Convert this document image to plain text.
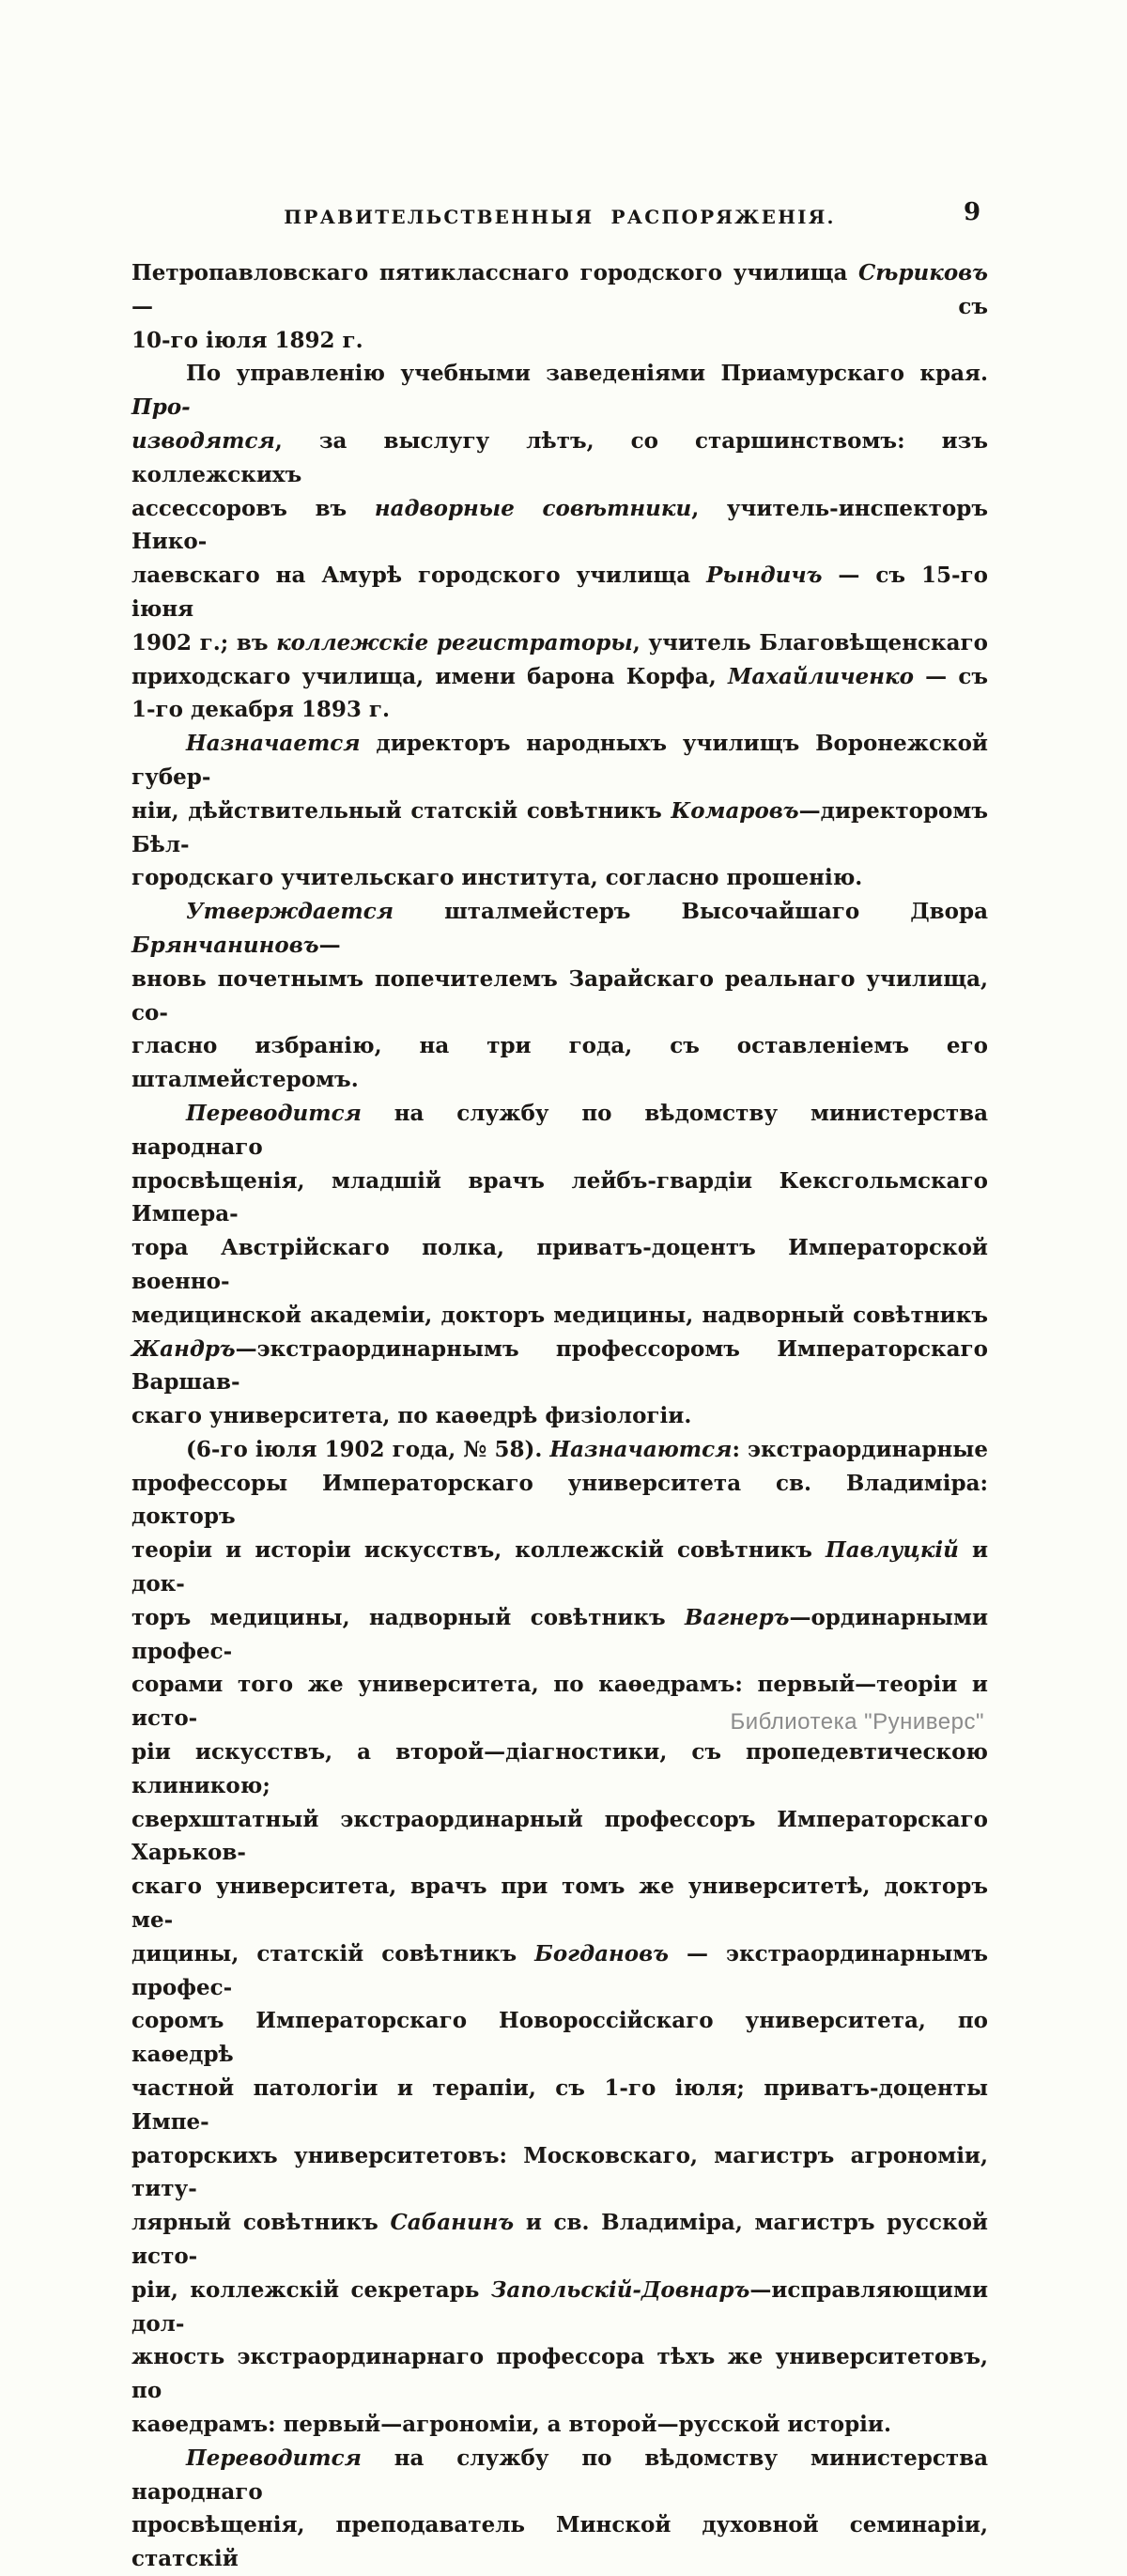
ПРАВИТЕЛЬСТВЕННЫЯ РАСПОРЯЖЕНІЯ.	9
Петропавловскаго пятикласснаго городского училища Сѣриковъ — съ
10-го іюля 1892 г.
По управленію учебными заведеніями Приамурскаго края. Про-
изводятся, за выслугу лѣтъ, со старшинствомъ: изъ коллежскихъ
ассессоровъ въ надворные совѣтники, учитель-инспекторъ Нико-
лаевскаго на Амурѣ городского училища Рындичъ — съ 15-го іюня
1902 г.; въ коллежскіе регистраторы, учитель Благовѣщенскаго
приходскаго училища, имени барона Корфа, Махайличенко — съ
1-го декабря 1893 г.
Назначается директоръ народныхъ училищъ Воронежской губер-
ніи, дѣйствительный статскій совѣтникъ Комаровъ—директоромъ Бѣл-
городскаго учительскаго института, согласно прошенію.
Утверждается шталмейстеръ Высочайшаго Двора Брянчаниновъ—
вновь почетнымъ попечителемъ Зарайскаго реальнаго училища, со-
гласно избранію, на три года, съ оставленіемъ его шталмейстеромъ.
Переводится на службу по вѣдомству министерства народнаго
просвѣщенія, младшій врачъ лейбъ-гвардіи Кексгольмскаго Импера-
тора Австрійскаго полка, приватъ-доцентъ Императорской военно-
медицинской академіи, докторъ медицины, надворный совѣтникъ
Жандръ—экстраординарнымъ профессоромъ Императорскаго Варшав-
скаго университета, по каѳедрѣ физіологіи.
(6-го іюля 1902 года, № 58). Назначаются: экстраординарные
профессоры Императорскаго университета св. Владиміра: докторъ
теоріи и исторіи искусствъ, коллежскій совѣтникъ Павлуцкій и док-
торъ медицины, надворный совѣтникъ Вагнеръ—ординарными профес-
сорами того же университета, по каѳедрамъ: первый—теоріи и исто-
ріи искусствъ, а второй—діагностики, съ пропедевтическою клиникою;
сверхштатный экстраординарный профессоръ Императорскаго Харьков-
скаго университета, врачъ при томъ же университетѣ, докторъ ме-
дицины, статскій совѣтникъ Богдановъ — экстраординарнымъ профес-
соромъ Императорскаго Новороссійскаго университета, по каѳедрѣ
частной патологіи и терапіи, съ 1-го іюля; приватъ-доценты Импе-
раторскихъ университетовъ: Московскаго, магистръ агрономіи, титу-
лярный совѣтникъ Сабанинъ и св. Владиміра, магистръ русской исто-
ріи, коллежскій секретарь Запольскій-Довнаръ—исправляющими дол-
жность экстраординарнаго профессора тѣхъ же университетовъ, по
каѳедрамъ: первый—агрономіи, а второй—русской исторіи.
Переводится на службу по вѣдомству министерства народнаго
просвѣщенія, преподаватель Минской духовной семинаріи, статскій
Библиотека "Руниверс"
